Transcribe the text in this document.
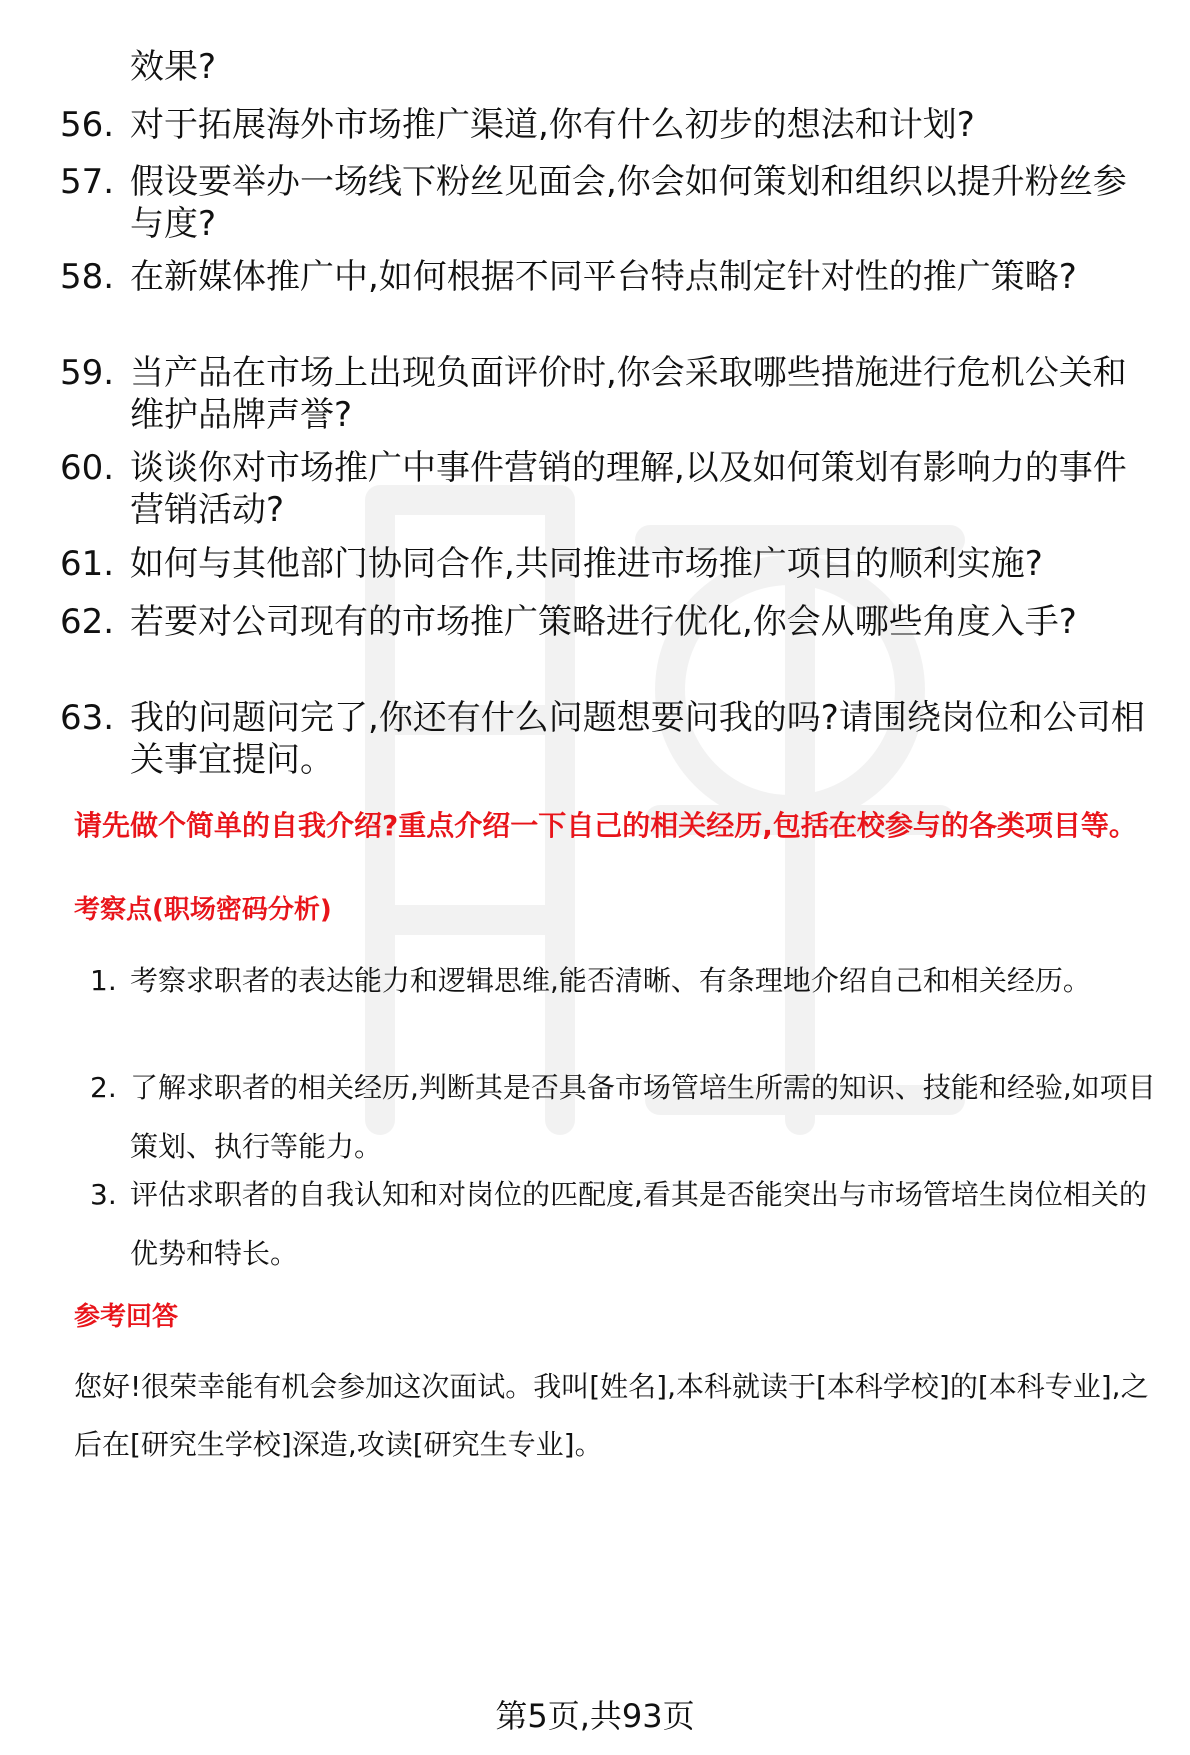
效果?
56. 对于拓展海外市场推广渠道,你有什么初步的想法和计划?
57. 假设要举办一场线下粉丝见面会,你会如何策划和组织以提升粉丝参与度?
58. 在新媒体推广中,如何根据不同平台特点制定针对性的推广策略?
59. 当产品在市场上出现负面评价时,你会采取哪些措施进行危机公关和维护品牌声誉?
60. 谈谈你对市场推广中事件营销的理解,以及如何策划有影响力的事件营销活动?
61. 如何与其他部门协同合作,共同推进市场推广项目的顺利实施?
62. 若要对公司现有的市场推广策略进行优化,你会从哪些角度入手?
63. 我的问题问完了,你还有什么问题想要问我的吗?请围绕岗位和公司相关事宜提问。
请先做个简单的自我介绍?重点介绍一下自己的相关经历,包括在校参与的各类项目等。
考察点(职场密码分析)
1. 考察求职者的表达能力和逻辑思维,能否清晰、有条理地介绍自己和相关经历。
2. 了解求职者的相关经历,判断其是否具备市场管培生所需的知识、技能和经验,如项目策划、执行等能力。
3. 评估求职者的自我认知和对岗位的匹配度,看其是否能突出与市场管培生岗位相关的优势和特长。
参考回答
您好!很荣幸能有机会参加这次面试。我叫[姓名],本科就读于[本科学校]的[本科专业],之后在[研究生学校]深造,攻读[研究生专业]。
第5页,共93页
